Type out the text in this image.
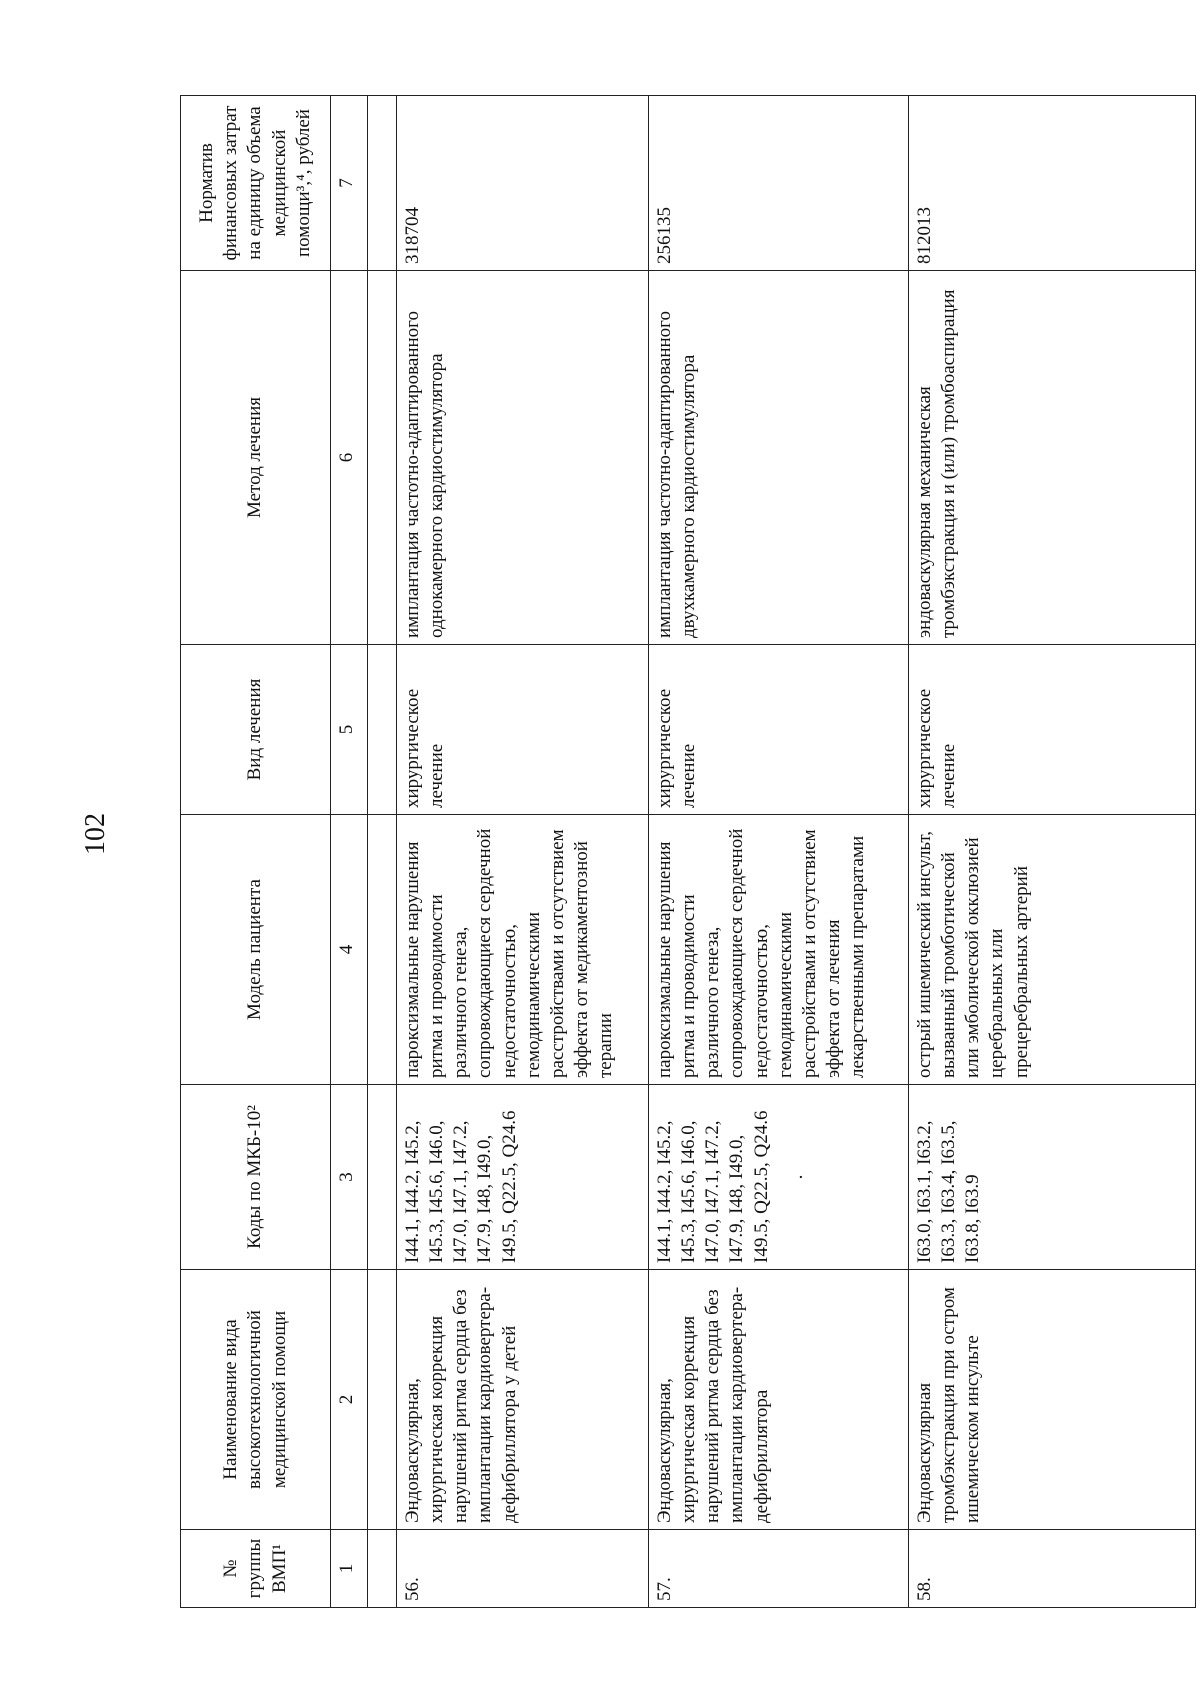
102
№ группы ВМП¹	Наименование вида высокотехнологичной медицинской помощи	Коды по МКБ-10²	Модель пациента	Вид лечения	Метод лечения	Норматив финансовых затрат на единицу объема медицинской помощи³,⁴, рублей
1	2	3	4	5	6	7

56.	Эндоваскулярная, хирургическая коррекция нарушений ритма сердца без имплантации кардиовертера-дефибриллятора у детей	I44.1, I44.2, I45.2, I45.3, I45.6, I46.0, I47.0, I47.1, I47.2, I47.9, I48, I49.0, I49.5, Q22.5, Q24.6	пароксизмальные нарушения ритма и проводимости различного генеза, сопровождающиеся сердечной недостаточностью, гемодинамическими расстройствами и отсутствием эффекта от медикаментозной терапии	хирургическое лечение	имплантация частотно-адаптированного однокамерного кардиостимулятора	318704
57.	Эндоваскулярная, хирургическая коррекция нарушений ритма сердца без имплантации кардиовертера-дефибриллятора	I44.1, I44.2, I45.2, I45.3, I45.6, I46.0, I47.0, I47.1, I47.2, I47.9, I48, I49.0, I49.5, Q22.5, Q24.6 ·	пароксизмальные нарушения ритма и проводимости различного генеза, сопровождающиеся сердечной недостаточностью, гемодинамическими расстройствами и отсутствием эффекта от лечения лекарственными препаратами	хирургическое лечение	имплантация частотно-адаптированного двухкамерного кардиостимулятора	256135
58.	Эндоваскулярная тромбэкстракция при остром ишемическом инсульте	I63.0, I63.1, I63.2, I63.3, I63.4, I63.5, I63.8, I63.9	острый ишемический инсульт, вызванный тромботической или эмболической окклюзией церебральных или прецеребральных артерий	хирургическое лечение	эндоваскулярная механическая тромбэкстракция и (или) тромбоаспирация	812013
